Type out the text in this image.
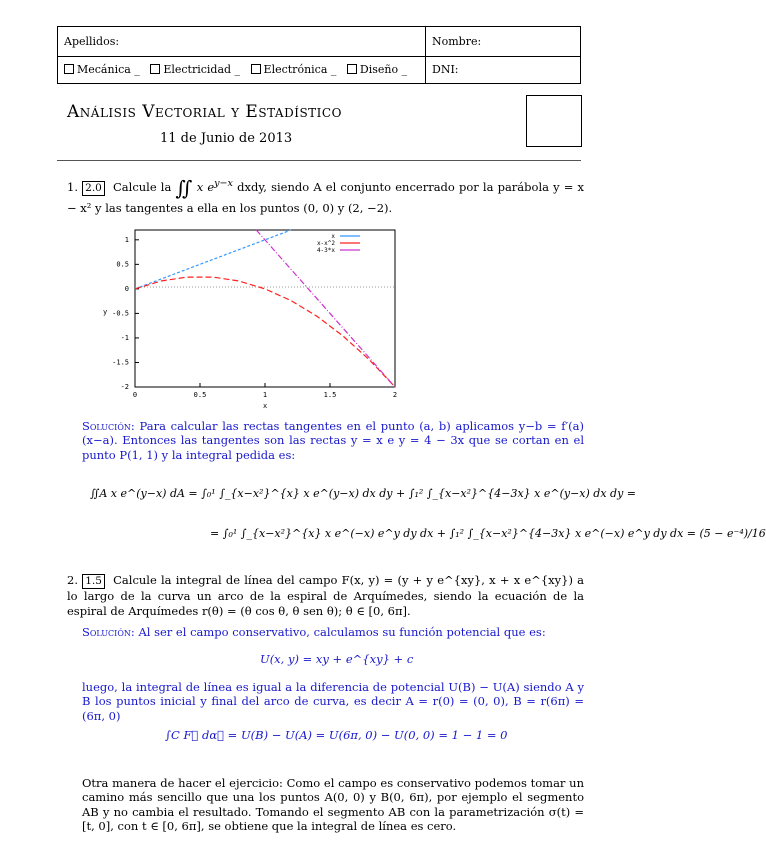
Apellidos:	Nombre:
Mecánica _ Electricidad _ Electrónica _ Diseño _ DNI:
Análisis Vectorial y Estadístico
11 de Junio de 2013
1. 2.0 Calcule la ∬ x $e^{y-x}$ dxdy, siendo A el conjunto encerrado por la parábola y = x − x² y las tangentes a ella en los puntos (0, 0) y (2, −2).
1
0.5
0
-0.5
-1
-1.5
-2
0	0.5	1	1.5	2
y
x
x
x-x^2
4-3*x
Solución: Para calcular las rectas tangentes en el punto (a, b) aplicamos y−b = f′(a)(x−a). Entonces las tangentes son las rectas y = x e y = 4 − 3x que se cortan en el punto P(1, 1) y la integral pedida es:
∬A x e^(y−x) dA = ∫₀¹ ∫_{x−x²}^{x} x e^(y−x) dx dy + ∫₁² ∫_{x−x²}^{4−3x} x e^(y−x) dx dy =
= ∫₀¹ ∫_{x−x²}^{x} x e^(−x) e^y dy dx + ∫₁² ∫_{x−x²}^{4−3x} x e^(−x) e^y dy dx = (5 − e⁻⁴)/16
2. 1.5 Calcule la integral de línea del campo F(x, y) = (y + y e^{xy}, x + x e^{xy}) a lo largo de la curva un arco de la espiral de Arquímedes, siendo la ecuación de la espiral de Arquímedes r(θ) = (θ cos θ, θ sen θ); θ ∈ [0, 6π].
Solución: Al ser el campo conservativo, calculamos su función potencial que es:
U(x, y) = xy + e^{xy} + c
luego, la integral de línea es igual a la diferencia de potencial U(B) − U(A) siendo A y B los puntos inicial y final del arco de curva, es decir A = r(0) = (0, 0), B = r(6π) = (6π, 0)
∫C F⃗ dα⃗ = U(B) − U(A) = U(6π, 0) − U(0, 0) = 1 − 1 = 0
Otra manera de hacer el ejercicio: Como el campo es conservativo podemos tomar un camino más sencillo que una los puntos A(0, 0) y B(0, 6π), por ejemplo el segmento AB y no cambia el resultado. Tomando el segmento AB con la parametrización σ(t) = [t, 0], con t ∈ [0, 6π], se obtiene que la integral de línea es cero.
